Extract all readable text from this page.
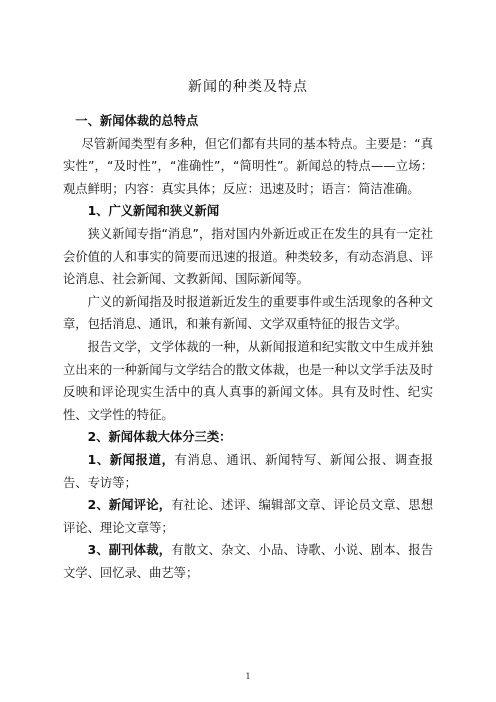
新闻的种类及特点

一、新闻体裁的总特点

尽管新闻类型有多种，但它们都有共同的基本特点。主要是：“真实性”，“及时性”，“准确性”，“简明性”。新闻总的特点——立场：观点鲜明；内容：真实具体；反应：迅速及时；语言：简洁准确。

1、广义新闻和狭义新闻

狭义新闻专指“消息”，指对国内外新近或正在发生的具有一定社会价值的人和事实的简要而迅速的报道。种类较多，有动态消息、评论消息、社会新闻、文教新闻、国际新闻等。

广义的新闻指及时报道新近发生的重要事件或生活现象的各种文章，包括消息、通讯，和兼有新闻、文学双重特征的报告文学。

报告文学，文学体裁的一种，从新闻报道和纪实散文中生成并独立出来的一种新闻与文学结合的散文体裁，也是一种以文学手法及时反映和评论现实生活中的真人真事的新闻文体。具有及时性、纪实性、文学性的特征。

2、新闻体裁大体分三类：

1、新闻报道，有消息、通讯、新闻特写、新闻公报、调查报告、专访等；

2、新闻评论，有社论、述评、编辑部文章、评论员文章、思想评论、理论文章等；

3、副刊体裁，有散文、杂文、小品、诗歌、小说、剧本、报告文学、回忆录、曲艺等；

1
